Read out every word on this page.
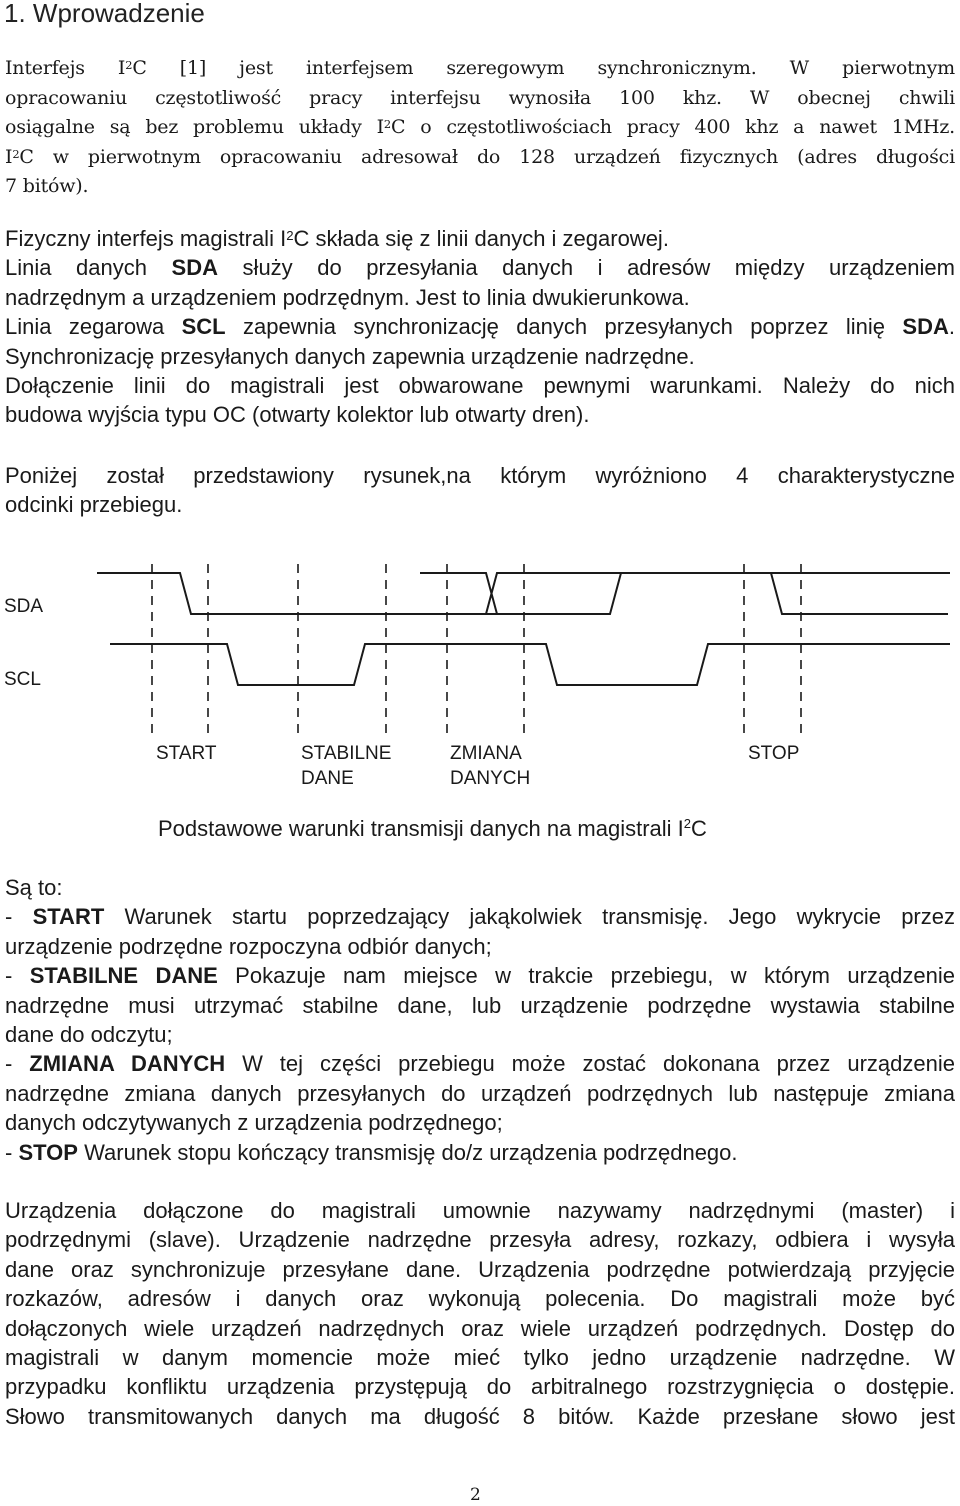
1. Wprowadzenie

Interfejs $I^2C$ [1] jest interfejsem szeregowym synchronicznym. W pierwotnym
opracowaniu częstotliwość pracy interfejsu wynosiła 100 khz. W obecnej chwili
osiągalne są bez problemu układy $I^2C$ o częstotliwościach pracy 400 khz a nawet 1MHz.
$I^2C$ w pierwotnym opracowaniu adresował do 128 urządzeń fizycznych (adres długości
7 bitów).

Fizyczny interfejs magistrali $I^2C$ składa się z linii danych i zegarowej.
Linia danych SDA służy do przesyłania danych i adresów między urządzeniem
nadrzędnym a urządzeniem podrzędnym. Jest to linia dwukierunkowa.
Linia zegarowa SCL zapewnia synchronizację danych przesyłanych poprzez linię SDA.
Synchronizację przesyłanych danych zapewnia urządzenie nadrzędne.
Dołączenie linii do magistrali jest obwarowane pewnymi warunkami. Należy do nich
budowa wyjścia typu OC (otwarty kolektor lub otwarty dren).

Poniżej został przedstawiony rysunek,na którym wyróżniono 4 charakterystyczne
odcinki przebiegu.

SDA
SCL
START	STABILNE
DANE
ZMIANA
DANYCH
STOP
Podstawowe warunki transmisji danych na magistrali $I^2C$

Są to:
- START Warunek startu poprzedzający jakąkolwiek transmisję. Jego wykrycie przez
urządzenie podrzędne rozpoczyna odbiór danych;
- STABILNE DANE Pokazuje nam miejsce w trakcie przebiegu, w którym urządzenie
nadrzędne musi utrzymać stabilne dane, lub urządzenie podrzędne wystawia stabilne
dane do odczytu;
- ZMIANA DANYCH W tej części przebiegu może zostać dokonana przez urządzenie
nadrzędne zmiana danych przesyłanych do urządzeń podrzędnych lub następuje zmiana
danych odczytywanych z urządzenia podrzędnego;
- STOP Warunek stopu kończący transmisję do/z urządzenia podrzędnego.

Urządzenia dołączone do magistrali umownie nazywamy nadrzędnymi (master) i
podrzędnymi (slave). Urządzenie nadrzędne przesyła adresy, rozkazy, odbiera i wysyła
dane oraz synchronizuje przesyłane dane. Urządzenia podrzędne potwierdzają przyjęcie
rozkazów, adresów i danych oraz wykonują polecenia. Do magistrali może być
dołączonych wiele urządzeń nadrzędnych oraz wiele urządzeń podrzędnych. Dostęp do
magistrali w danym momencie może mieć tylko jedno urządzenie nadrzędne. W
przypadku konfliktu urządzenia przystępują do arbitralnego rozstrzygnięcia o dostępie.
Słowo transmitowanych danych ma długość 8 bitów. Każde przesłane słowo jest

2
